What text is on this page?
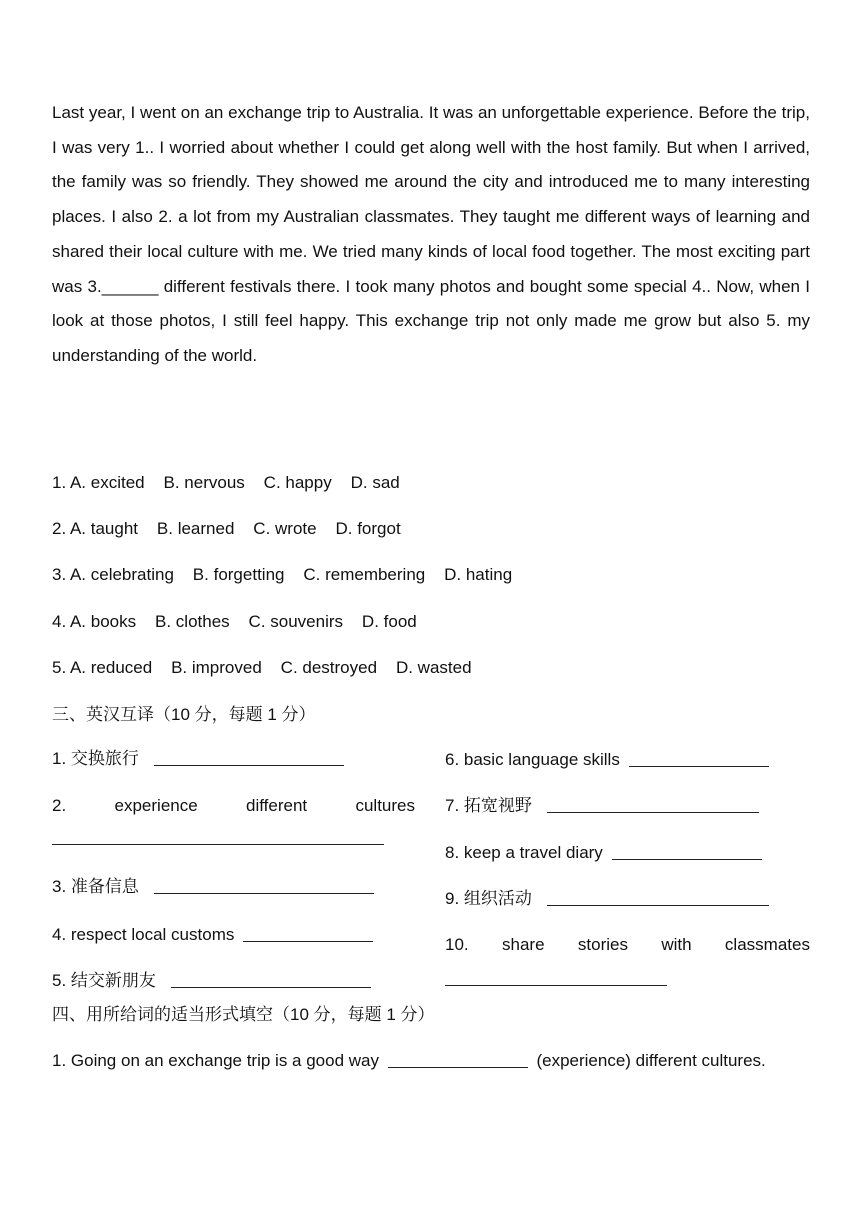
Last year, I went on an exchange trip to Australia. It was an unforgettable experience. Before the trip, I was very 1.. I worried about whether I could get along well with the host family. But when I arrived, the family was so friendly. They showed me around the city and introduced me to many interesting places. I also 2. a lot from my Australian classmates. They taught me different ways of learning and shared their local culture with me. We tried many kinds of local food together. The most exciting part was 3.______ different festivals there. I took many photos and bought some special 4.. Now, when I look at those photos, I still feel happy. This exchange trip not only made me grow but also 5. my understanding of the world.

1. A. excited    B. nervous    C. happy    D. sad
2. A. taught    B. learned    C. wrote    D. forgot
3. A. celebrating    B. forgetting    C. remembering    D. hating
4. A. books    B. clothes    C. souvenirs    D. food
5. A. reduced    B. improved    C. destroyed    D. wasted
三、英汉互译（10 分，每题 1 分）
1. 交换旅行
2.	experience	different	cultures
3. 准备信息
4. respect local customs
5. 结交新朋友
6. basic language skills
7. 拓宽视野
8. keep a travel diary
9. 组织活动
10. share stories with classmates
四、用所给词的适当形式填空（10 分，每题 1 分）
1. Going on an exchange trip is a good way	(experience) different cultures.
